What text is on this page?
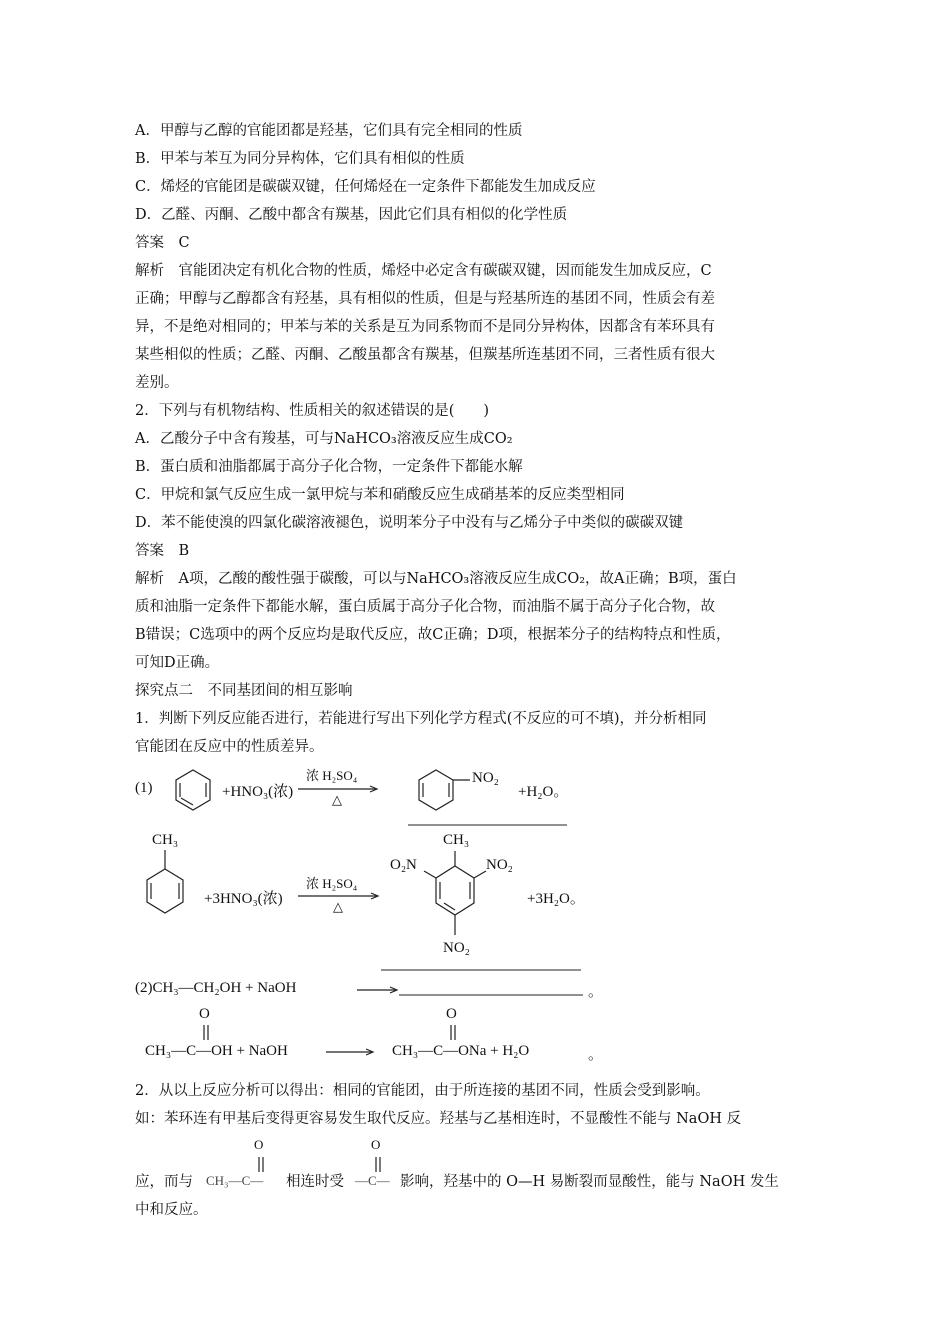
A．甲醇与乙醇的官能团都是羟基，它们具有完全相同的性质
B．甲苯与苯互为同分异构体，它们具有相似的性质
C．烯烃的官能团是碳碳双键，任何烯烃在一定条件下都能发生加成反应
D．乙醛、丙酮、乙酸中都含有羰基，因此它们具有相似的化学性质
答案　C
解析　官能团决定有机化合物的性质，烯烃中必定含有碳碳双键，因而能发生加成反应，C
正确；甲醇与乙醇都含有羟基，具有相似的性质，但是与羟基所连的基团不同，性质会有差
异，不是绝对相同的；甲苯与苯的关系是互为同系物而不是同分异构体，因都含有苯环具有
某些相似的性质；乙醛、丙酮、乙酸虽都含有羰基，但羰基所连基团不同，三者性质有很大
差别。
2．下列与有机物结构、性质相关的叙述错误的是(　　)
A．乙酸分子中含有羧基，可与NaHCO₃溶液反应生成CO₂
B．蛋白质和油脂都属于高分子化合物，一定条件下都能水解
C．甲烷和氯气反应生成一氯甲烷与苯和硝酸反应生成硝基苯的反应类型相同
D．苯不能使溴的四氯化碳溶液褪色，说明苯分子中没有与乙烯分子中类似的碳碳双键
答案　B
解析　A项，乙酸的酸性强于碳酸，可以与NaHCO₃溶液反应生成CO₂，故A正确；B项，蛋白
质和油脂一定条件下都能水解，蛋白质属于高分子化合物，而油脂不属于高分子化合物，故
B错误；C选项中的两个反应均是取代反应，故C正确；D项，根据苯分子的结构特点和性质，
可知D正确。
探究点二　不同基团间的相互影响
1．判断下列反应能否进行，若能进行写出下列化学方程式(不反应的可不填)，并分析相同
官能团在反应中的性质差异。
(1)	+HNO₃(浓)
浓 H₂SO₄
△
NO₂
+H₂O。
CH₃
+3HNO₃(浓)
浓 H₂SO₄
△
CH₃
O₂N	NO₂
NO₂
+3H₂O。
(2)CH₃—CH₂OH + NaOH	。
O
CH₃—C—OH + NaOH
O
CH₃—C—ONa + H₂O	。
2．从以上反应分析可以得出：相同的官能团，由于所连接的基团不同，性质会受到影响。
如：苯环连有甲基后变得更容易发生取代反应。羟基与乙基相连时，不显酸性不能与 NaOH 反
O	O
应，而与 CH₃—C— 相连时受 —C— 影响，羟基中的 O—H 易断裂而显酸性，能与 NaOH 发生
中和反应。
